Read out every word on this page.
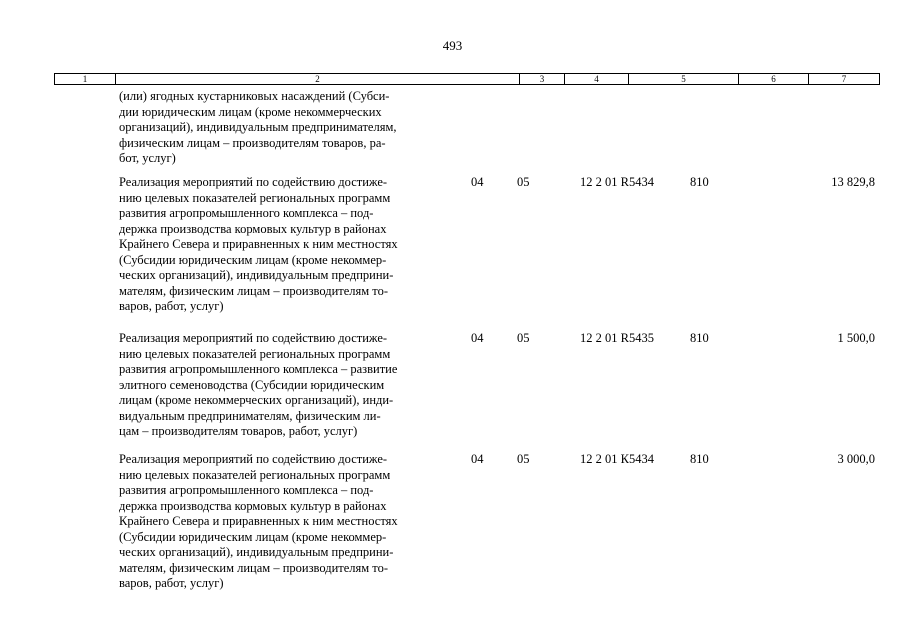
493
1	2	3	4	5	6	7
(или) ягодных кустарниковых насаждений (Субси-
дии юридическим лицам (кроме некоммерческих
организаций), индивидуальным предпринимателям,
физическим лицам – производителям товаров, ра-
бот, услуг)
Реализация мероприятий по содействию достиже-
нию целевых показателей региональных программ
развития агропромышленного комплекса – под-
держка производства кормовых культур в районах
Крайнего Севера и приравненных к ним местностях
(Субсидии юридическим лицам (кроме некоммер-
ческих организаций), индивидуальным предприни-
мателям, физическим лицам – производителям то-
варов, работ, услуг)
04	05	12 2 01 R5434	810	13 829,8
Реализация мероприятий по содействию достиже-
нию целевых показателей региональных программ
развития агропромышленного комплекса – развитие
элитного семеноводства (Субсидии юридическим
лицам (кроме некоммерческих организаций), инди-
видуальным предпринимателям, физическим ли-
цам – производителям товаров, работ, услуг)
04	05	12 2 01 R5435	810	1 500,0
Реализация мероприятий по содействию достиже-
нию целевых показателей региональных программ
развития агропромышленного комплекса – под-
держка производства кормовых культур в районах
Крайнего Севера и приравненных к ним местностях
(Субсидии юридическим лицам (кроме некоммер-
ческих организаций), индивидуальным предприни-
мателям, физическим лицам – производителям то-
варов, работ, услуг)
04	05	12 2 01 К5434	810	3 000,0
